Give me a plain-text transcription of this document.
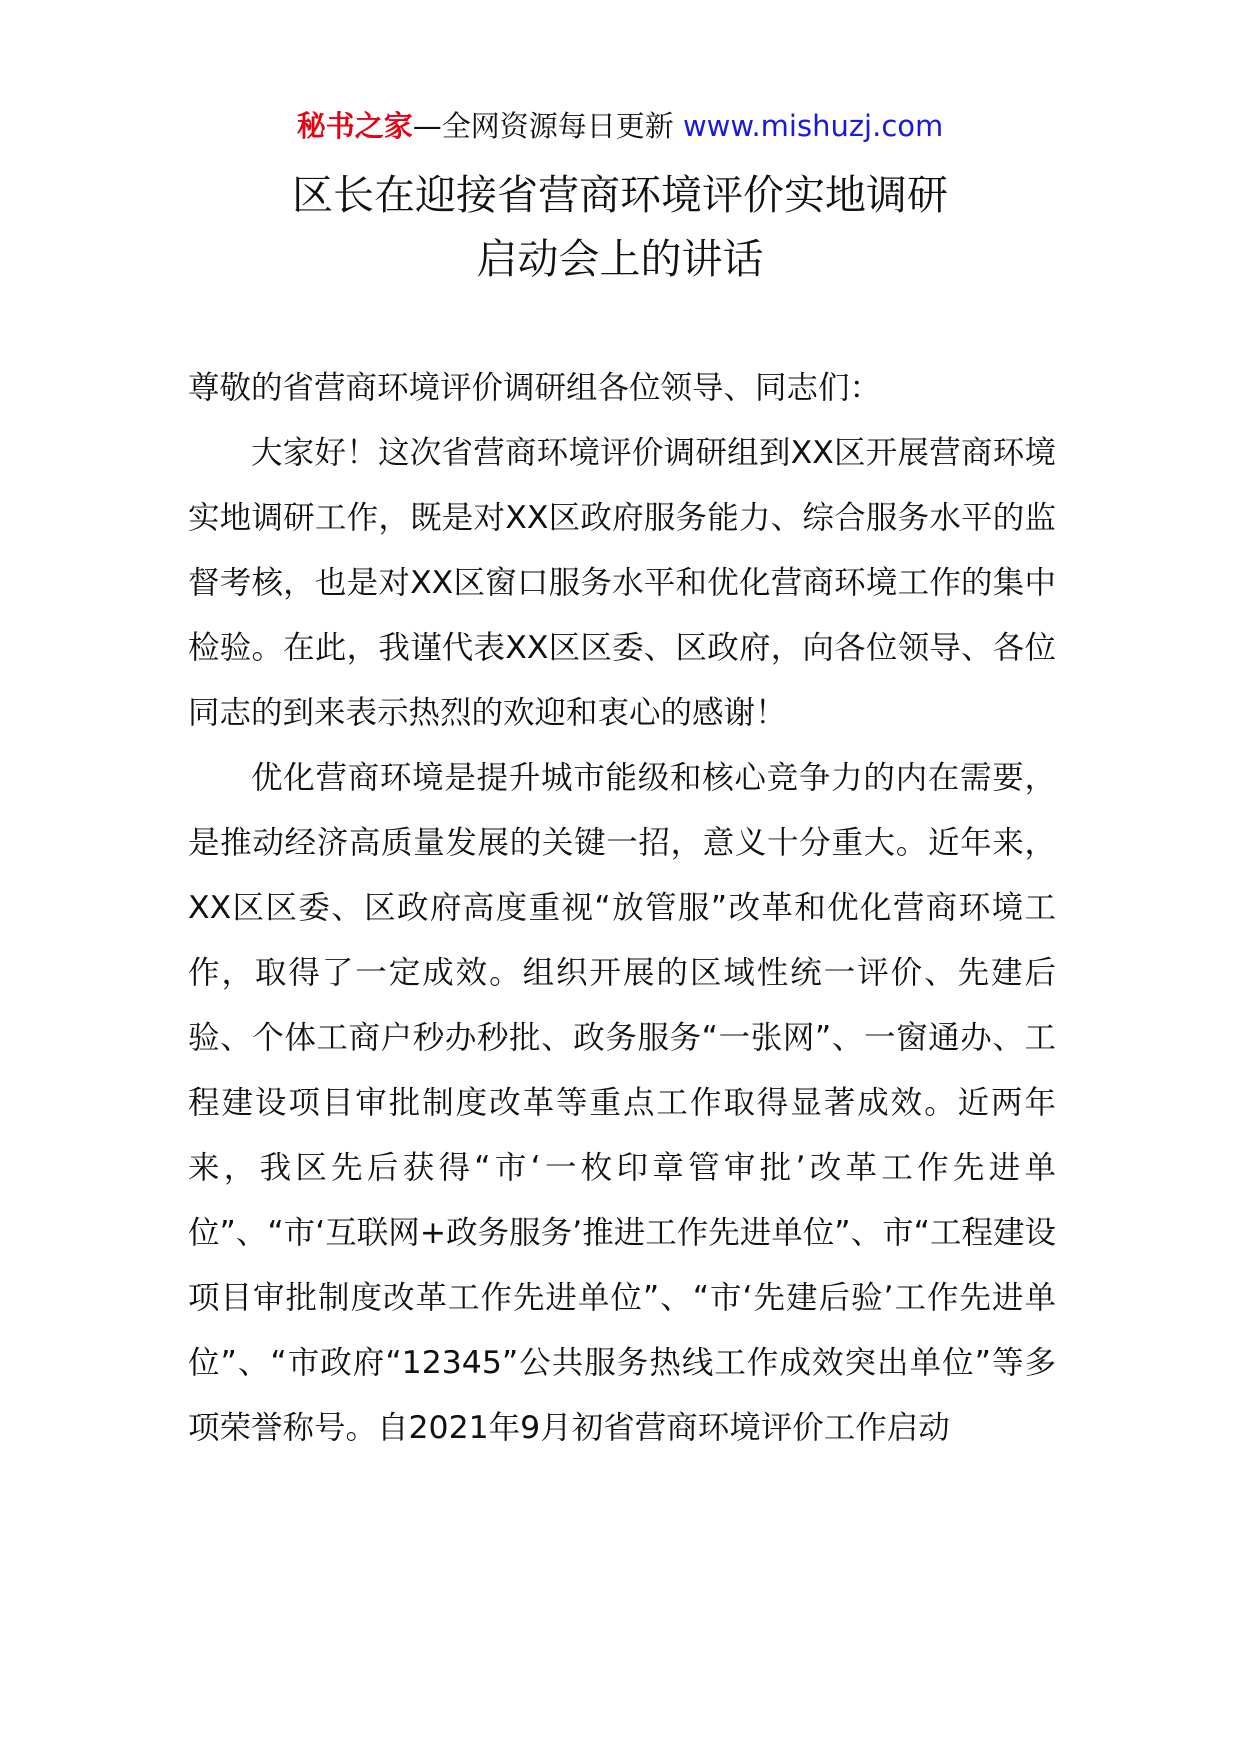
秘书之家—全网资源每日更新 www.mishuzj.com
区长在迎接省营商环境评价实地调研
启动会上的讲话

尊敬的省营商环境评价调研组各位领导、同志们：

大家好！这次省营商环境评价调研组到XX区开展营商环境实地调研工作，既是对XX区政府服务能力、综合服务水平的监督考核，也是对XX区窗口服务水平和优化营商环境工作的集中检验。在此，我谨代表XX区区委、区政府，向各位领导、各位同志的到来表示热烈的欢迎和衷心的感谢！

优化营商环境是提升城市能级和核心竞争力的内在需要，是推动经济高质量发展的关键一招，意义十分重大。近年来，XX区区委、区政府高度重视“放管服”改革和优化营商环境工作，取得了一定成效。组织开展的区域性统一评价、先建后验、个体工商户秒办秒批、政务服务“一张网”、一窗通办、工程建设项目审批制度改革等重点工作取得显著成效。近两年来，我区先后获得“市‘一枚印章管审批’改革工作先进单位”、“市‘互联网+政务服务’推进工作先进单位”、市“工程建设项目审批制度改革工作先进单位”、“市‘先建后验’工作先进单位”、“市政府“12345”公共服务热线工作成效突出单位”等多项荣誉称号。自2021年9月初省营商环境评价工作启动
